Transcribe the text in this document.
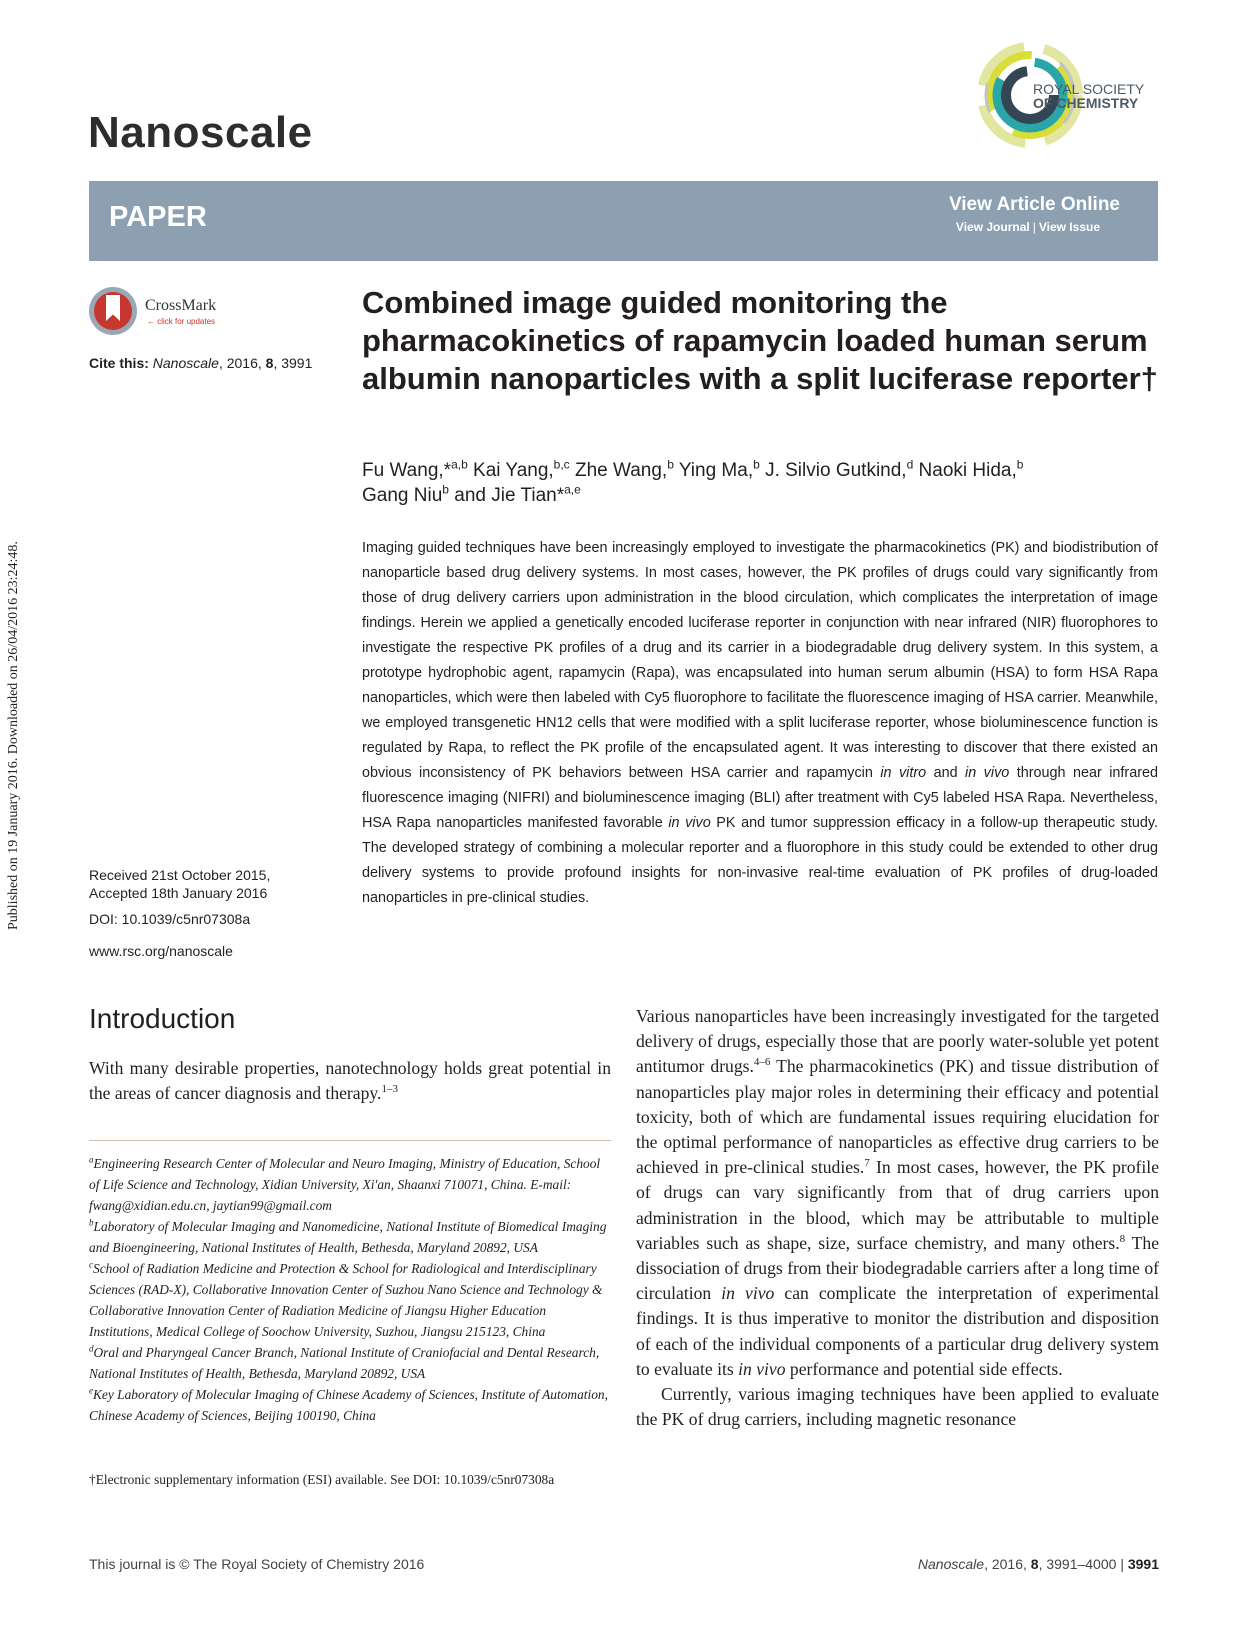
Nanoscale
ROYAL SOCIETY
OF CHEMISTRY
PAPER	View Article Online
View Journal | View Issue
CrossMark
← click for updates
Cite this: Nanoscale, 2016, 8, 3991
Published on 19 January 2016. Downloaded on 26/04/2016 23:24:48.
Combined image guided monitoring the pharmacokinetics of rapamycin loaded human serum albumin nanoparticles with a split luciferase reporter†
Fu Wang,*$^{a,b}$ Kai Yang,$^{b,c}$ Zhe Wang,$^b$ Ying Ma,$^b$ J. Silvio Gutkind,$^d$ Naoki Hida,$^b$
Gang Niu$^b$ and Jie Tian*$^{a,e}$

Imaging guided techniques have been increasingly employed to investigate the pharmacokinetics (PK) and biodistribution of nanoparticle based drug delivery systems. In most cases, however, the PK profiles of drugs could vary significantly from those of drug delivery carriers upon administration in the blood circulation, which complicates the interpretation of image findings. Herein we applied a genetically encoded luciferase reporter in conjunction with near infrared (NIR) fluorophores to investigate the respective PK profiles of a drug and its carrier in a biodegradable drug delivery system. In this system, a prototype hydrophobic agent, rapamycin (Rapa), was encapsulated into human serum albumin (HSA) to form HSA Rapa nanoparticles, which were then labeled with Cy5 fluorophore to facilitate the fluorescence imaging of HSA carrier. Meanwhile, we employed transgenetic HN12 cells that were modified with a split luciferase reporter, whose bioluminescence function is regulated by Rapa, to reflect the PK profile of the encapsulated agent. It was interesting to discover that there existed an obvious inconsistency of PK behaviors between HSA carrier and rapamycin in vitro and in vivo through near infrared fluorescence imaging (NIFRI) and bioluminescence imaging (BLI) after treatment with Cy5 labeled HSA Rapa. Nevertheless, HSA Rapa nanoparticles manifested favorable in vivo PK and tumor suppression efficacy in a follow-up therapeutic study. The developed strategy of combining a molecular reporter and a fluorophore in this study could be extended to other drug delivery systems to provide profound insights for non-invasive real-time evaluation of PK profiles of drug-loaded nanoparticles in pre-clinical studies.

Received 21st October 2015,
Accepted 18th January 2016
DOI: 10.1039/c5nr07308a
www.rsc.org/nanoscale
Introduction

With many desirable properties, nanotechnology holds great potential in the areas of cancer diagnosis and therapy.$^{1-3}$

$^a$Engineering Research Center of Molecular and Neuro Imaging, Ministry of Education, School of Life Science and Technology, Xidian University, Xi'an, Shaanxi 710071, China. E-mail: fwang@xidian.edu.cn, jaytian99@gmail.com

$^b$Laboratory of Molecular Imaging and Nanomedicine, National Institute of Biomedical Imaging and Bioengineering, National Institutes of Health, Bethesda, Maryland 20892, USA

$^c$School of Radiation Medicine and Protection & School for Radiological and Interdisciplinary Sciences (RAD-X), Collaborative Innovation Center of Suzhou Nano Science and Technology & Collaborative Innovation Center of Radiation Medicine of Jiangsu Higher Education Institutions, Medical College of Soochow University, Suzhou, Jiangsu 215123, China

$^d$Oral and Pharyngeal Cancer Branch, National Institute of Craniofacial and Dental Research, National Institutes of Health, Bethesda, Maryland 20892, USA

$^e$Key Laboratory of Molecular Imaging of Chinese Academy of Sciences, Institute of Automation, Chinese Academy of Sciences, Beijing 100190, China

†Electronic supplementary information (ESI) available. See DOI: 10.1039/c5nr07308a

Various nanoparticles have been increasingly investigated for the targeted delivery of drugs, especially those that are poorly water-soluble yet potent antitumor drugs.$^{4-6}$ The pharmacokinetics (PK) and tissue distribution of nanoparticles play major roles in determining their efficacy and potential toxicity, both of which are fundamental issues requiring elucidation for the optimal performance of nanoparticles as effective drug carriers to be achieved in pre-clinical studies.$^7$ In most cases, however, the PK profile of drugs can vary significantly from that of drug carriers upon administration in the blood, which may be attributable to multiple variables such as shape, size, surface chemistry, and many others.$^8$ The dissociation of drugs from their biodegradable carriers after a long time of circulation in vivo can complicate the interpretation of experimental findings. It is thus imperative to monitor the distribution and disposition of each of the individual components of a particular drug delivery system to evaluate its in vivo performance and potential side effects.

Currently, various imaging techniques have been applied to evaluate the PK of drug carriers, including magnetic resonance

This journal is © The Royal Society of Chemistry 2016	Nanoscale, 2016, 8, 3991–4000 | 3991
